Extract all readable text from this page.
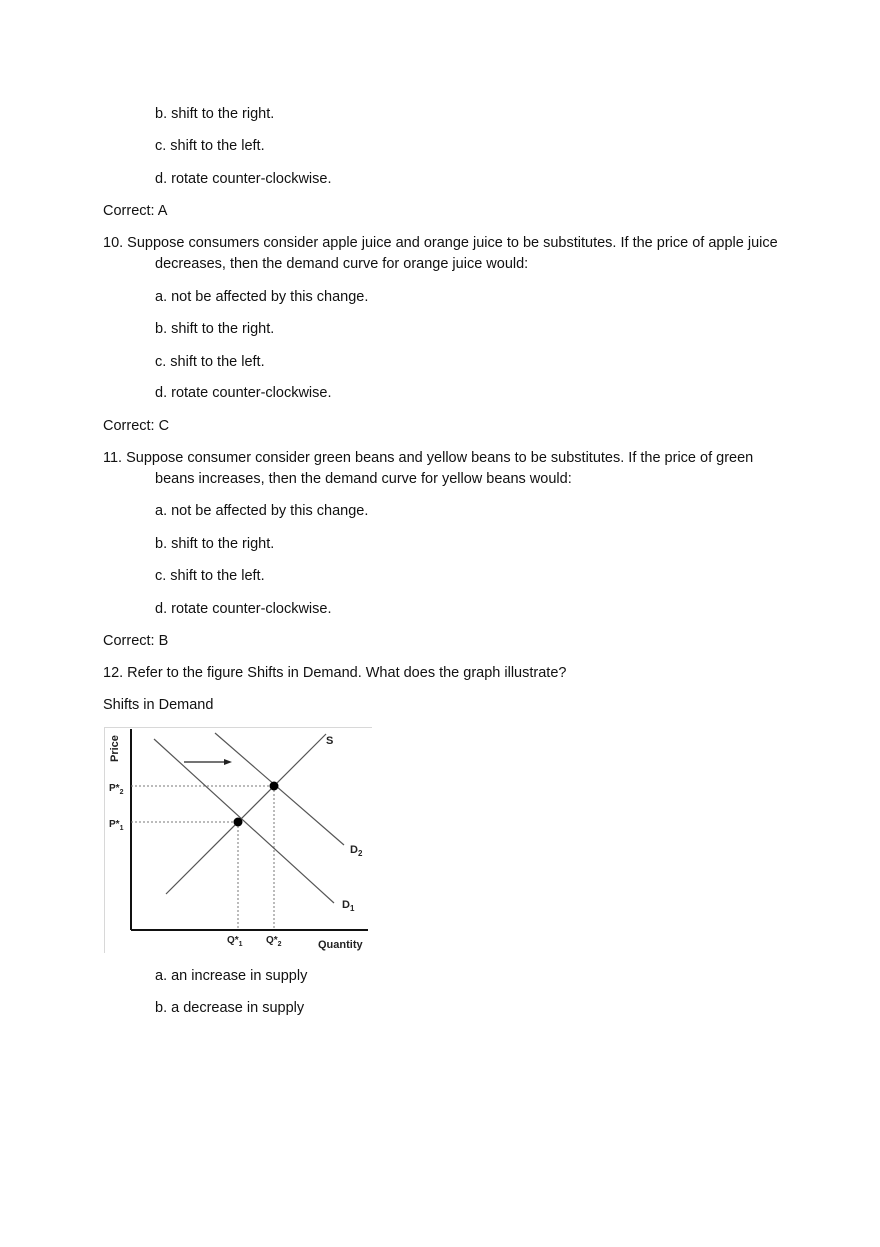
b. shift to the right.
c. shift to the left.
d. rotate counter-clockwise.
Correct: A
10. Suppose consumers consider apple juice and orange juice to be substitutes. If the price of apple juice
decreases, then the demand curve for orange juice would:
a. not be affected by this change.
b. shift to the right.
c. shift to the left.
d. rotate counter-clockwise.
Correct: C
11. Suppose consumer consider green beans and yellow beans to be substitutes. If the price of green
beans increases, then the demand curve for yellow beans would:
a. not be affected by this change.
b. shift to the right.
c. shift to the left.
d. rotate counter-clockwise.
Correct: B
12. Refer to the figure Shifts in Demand. What does the graph illustrate?
Shifts in Demand
Price	S
$D_2$
$D_1$
$P*_2$
$P*_1$
$Q*_1$ $Q*_2$	Quantity
a. an increase in supply
b. a decrease in supply
